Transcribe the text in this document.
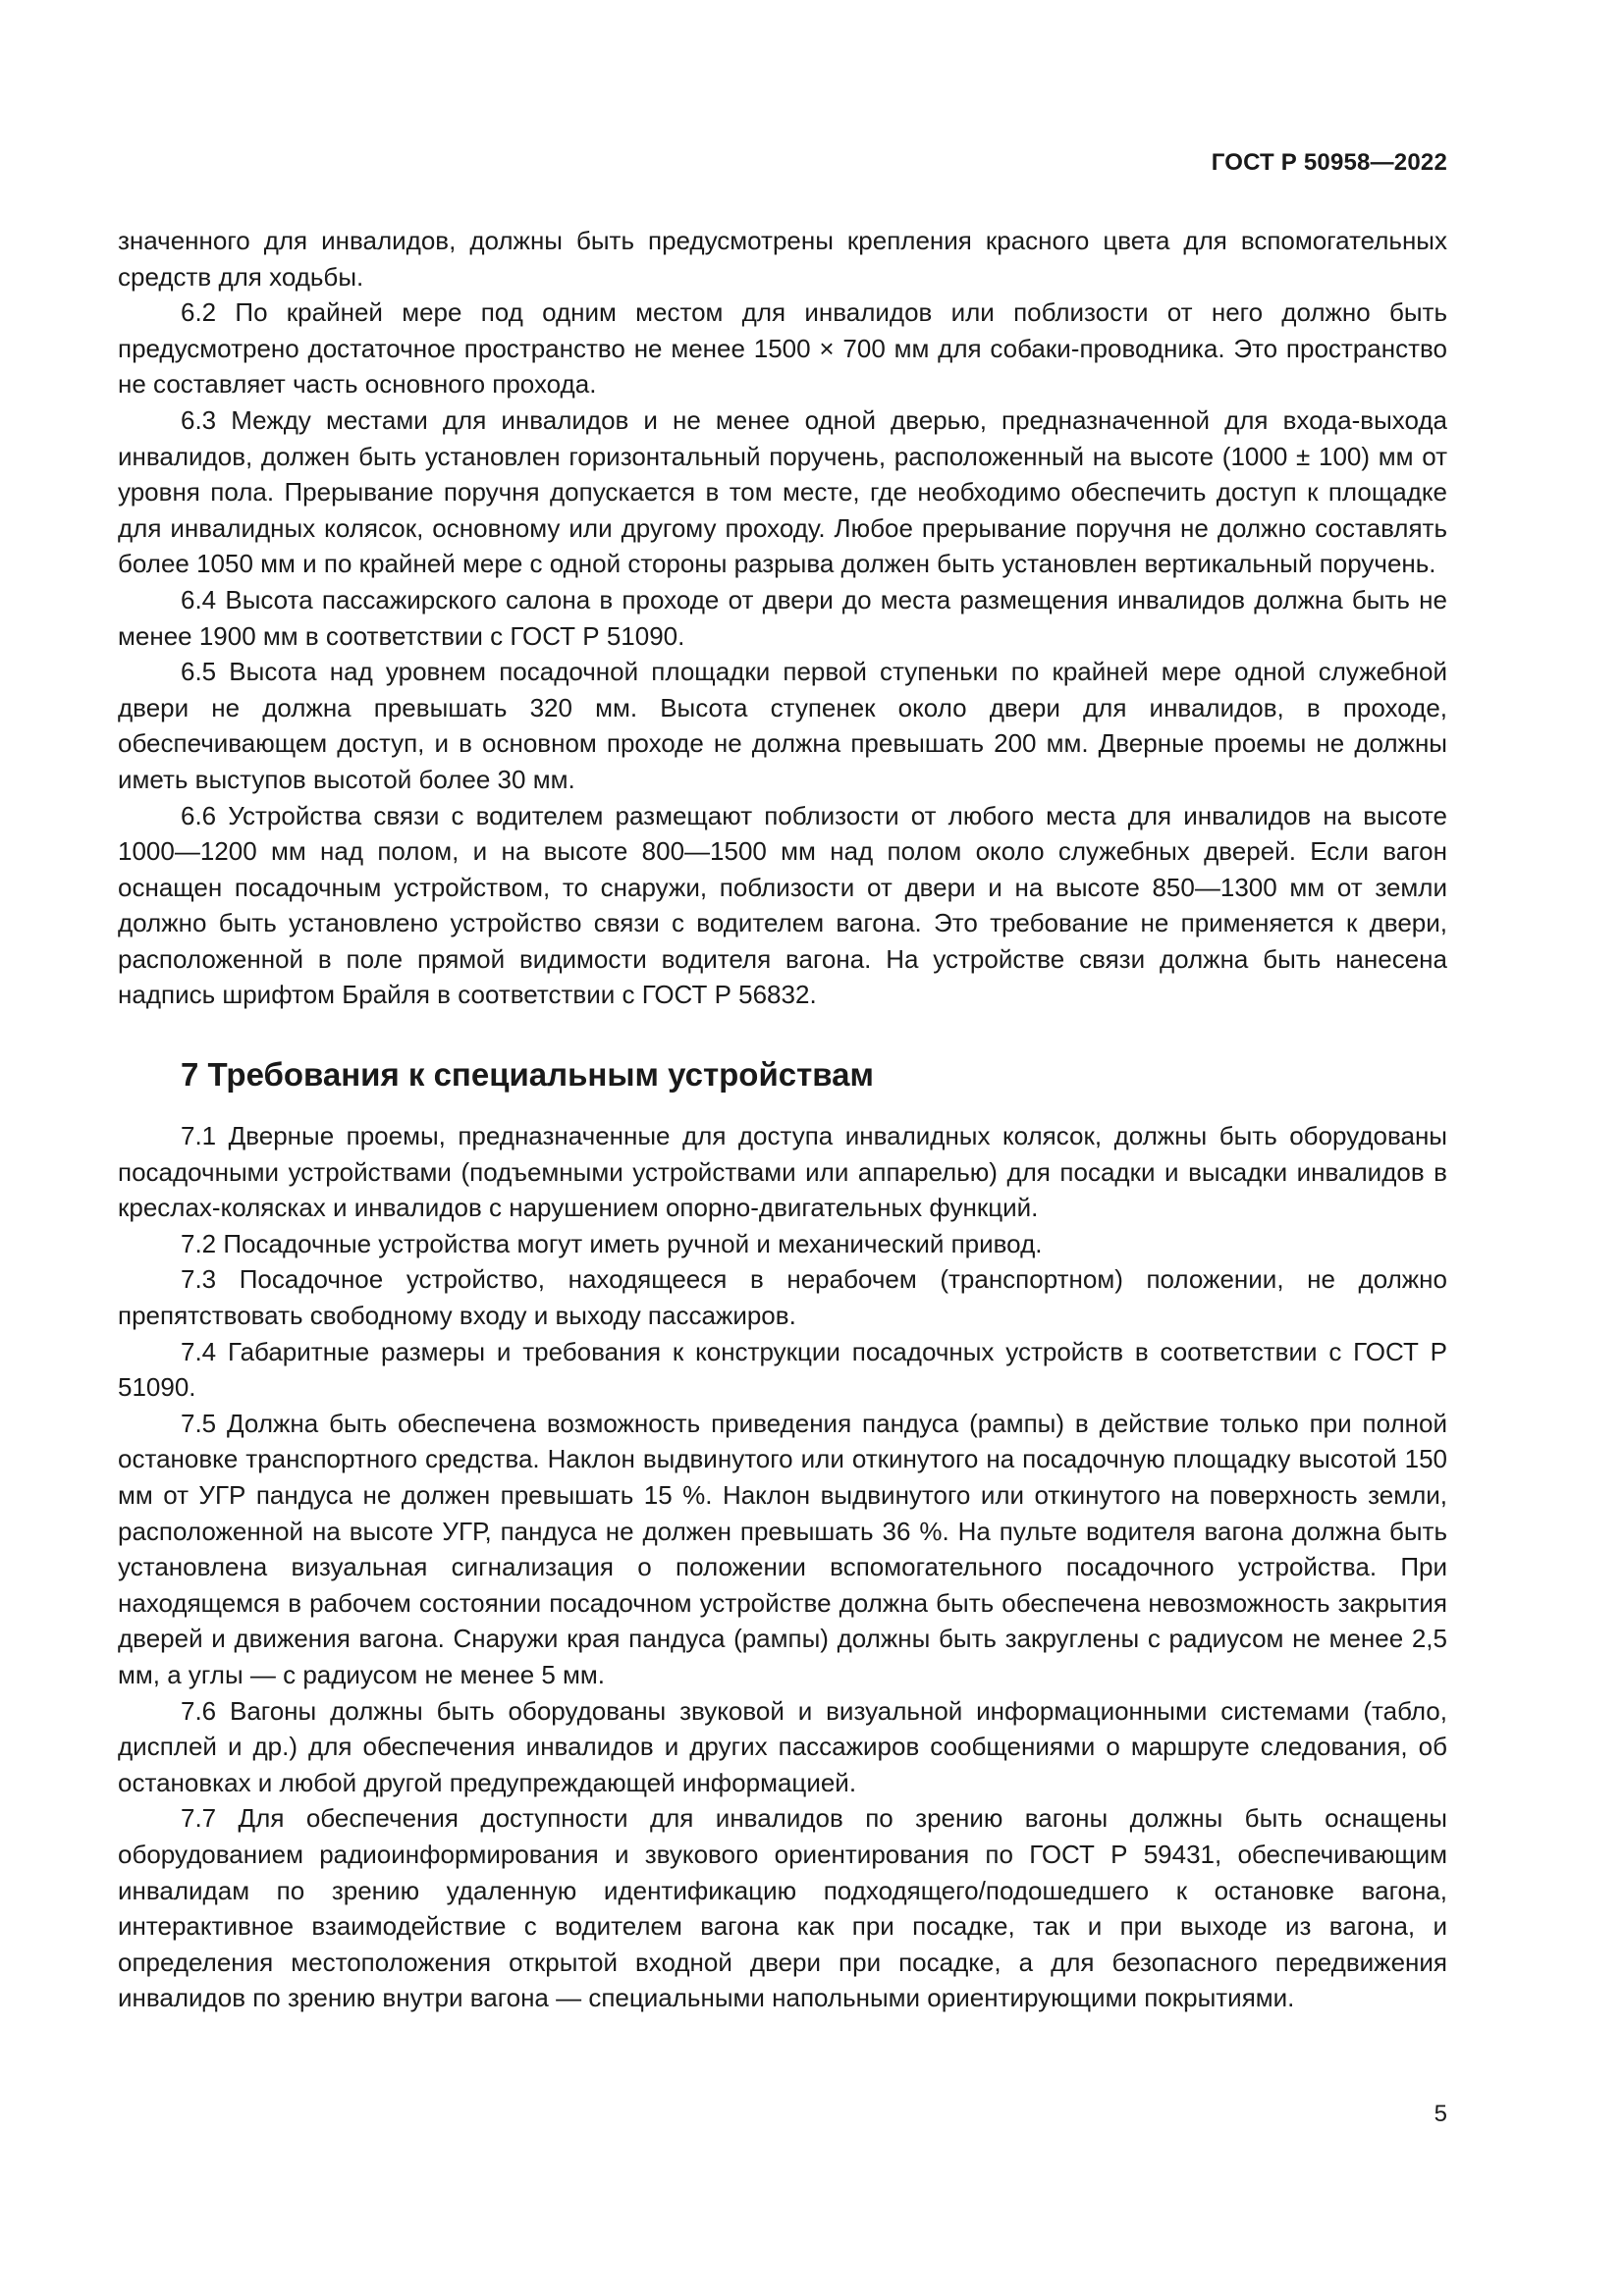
ГОСТ Р 50958—2022

значенного для инвалидов, должны быть предусмотрены крепления красного цвета для вспомогательных средств для ходьбы.

6.2 По крайней мере под одним местом для инвалидов или поблизости от него должно быть предусмотрено достаточное пространство не менее 1500 × 700 мм для собаки-проводника. Это пространство не составляет часть основного прохода.

6.3 Между местами для инвалидов и не менее одной дверью, предназначенной для входа-выхода инвалидов, должен быть установлен горизонтальный поручень, расположенный на высоте (1000 ± 100) мм от уровня пола. Прерывание поручня допускается в том месте, где необходимо обеспечить доступ к площадке для инвалидных колясок, основному или другому проходу. Любое прерывание поручня не должно составлять более 1050 мм и по крайней мере с одной стороны разрыва должен быть установлен вертикальный поручень.

6.4 Высота пассажирского салона в проходе от двери до места размещения инвалидов должна быть не менее 1900 мм в соответствии с ГОСТ Р 51090.

6.5 Высота над уровнем посадочной площадки первой ступеньки по крайней мере одной служебной двери не должна превышать 320 мм. Высота ступенек около двери для инвалидов, в проходе, обеспечивающем доступ, и в основном проходе не должна превышать 200 мм. Дверные проемы не должны иметь выступов высотой более 30 мм.

6.6 Устройства связи с водителем размещают поблизости от любого места для инвалидов на высоте 1000—1200 мм над полом, и на высоте 800—1500 мм над полом около служебных дверей. Если вагон оснащен посадочным устройством, то снаружи, поблизости от двери и на высоте 850—1300 мм от земли должно быть установлено устройство связи с водителем вагона. Это требование не применяется к двери, расположенной в поле прямой видимости водителя вагона. На устройстве связи должна быть нанесена надпись шрифтом Брайля в соответствии с ГОСТ Р 56832.

7 Требования к специальным устройствам

7.1 Дверные проемы, предназначенные для доступа инвалидных колясок, должны быть оборудованы посадочными устройствами (подъемными устройствами или аппарелью) для посадки и высадки инвалидов в креслах-колясках и инвалидов с нарушением опорно-двигательных функций.

7.2 Посадочные устройства могут иметь ручной и механический привод.

7.3 Посадочное устройство, находящееся в нерабочем (транспортном) положении, не должно препятствовать свободному входу и выходу пассажиров.

7.4 Габаритные размеры и требования к конструкции посадочных устройств в соответствии с ГОСТ Р 51090.

7.5 Должна быть обеспечена возможность приведения пандуса (рампы) в действие только при полной остановке транспортного средства. Наклон выдвинутого или откинутого на посадочную площадку высотой 150 мм от УГР пандуса не должен превышать 15 %. Наклон выдвинутого или откинутого на поверхность земли, расположенной на высоте УГР, пандуса не должен превышать 36 %. На пульте водителя вагона должна быть установлена визуальная сигнализация о положении вспомогательного посадочного устройства. При находящемся в рабочем состоянии посадочном устройстве должна быть обеспечена невозможность закрытия дверей и движения вагона. Снаружи края пандуса (рампы) должны быть закруглены с радиусом не менее 2,5 мм, а углы — с радиусом не менее 5 мм.

7.6 Вагоны должны быть оборудованы звуковой и визуальной информационными системами (табло, дисплей и др.) для обеспечения инвалидов и других пассажиров сообщениями о маршруте следования, об остановках и любой другой предупреждающей информацией.

7.7 Для обеспечения доступности для инвалидов по зрению вагоны должны быть оснащены оборудованием радиоинформирования и звукового ориентирования по ГОСТ Р 59431, обеспечивающим инвалидам по зрению удаленную идентификацию подходящего/подошедшего к остановке вагона, интерактивное взаимодействие с водителем вагона как при посадке, так и при выходе из вагона, и определения местоположения открытой входной двери при посадке, а для безопасного передвижения инвалидов по зрению внутри вагона — специальными напольными ориентирующими покрытиями.

5
